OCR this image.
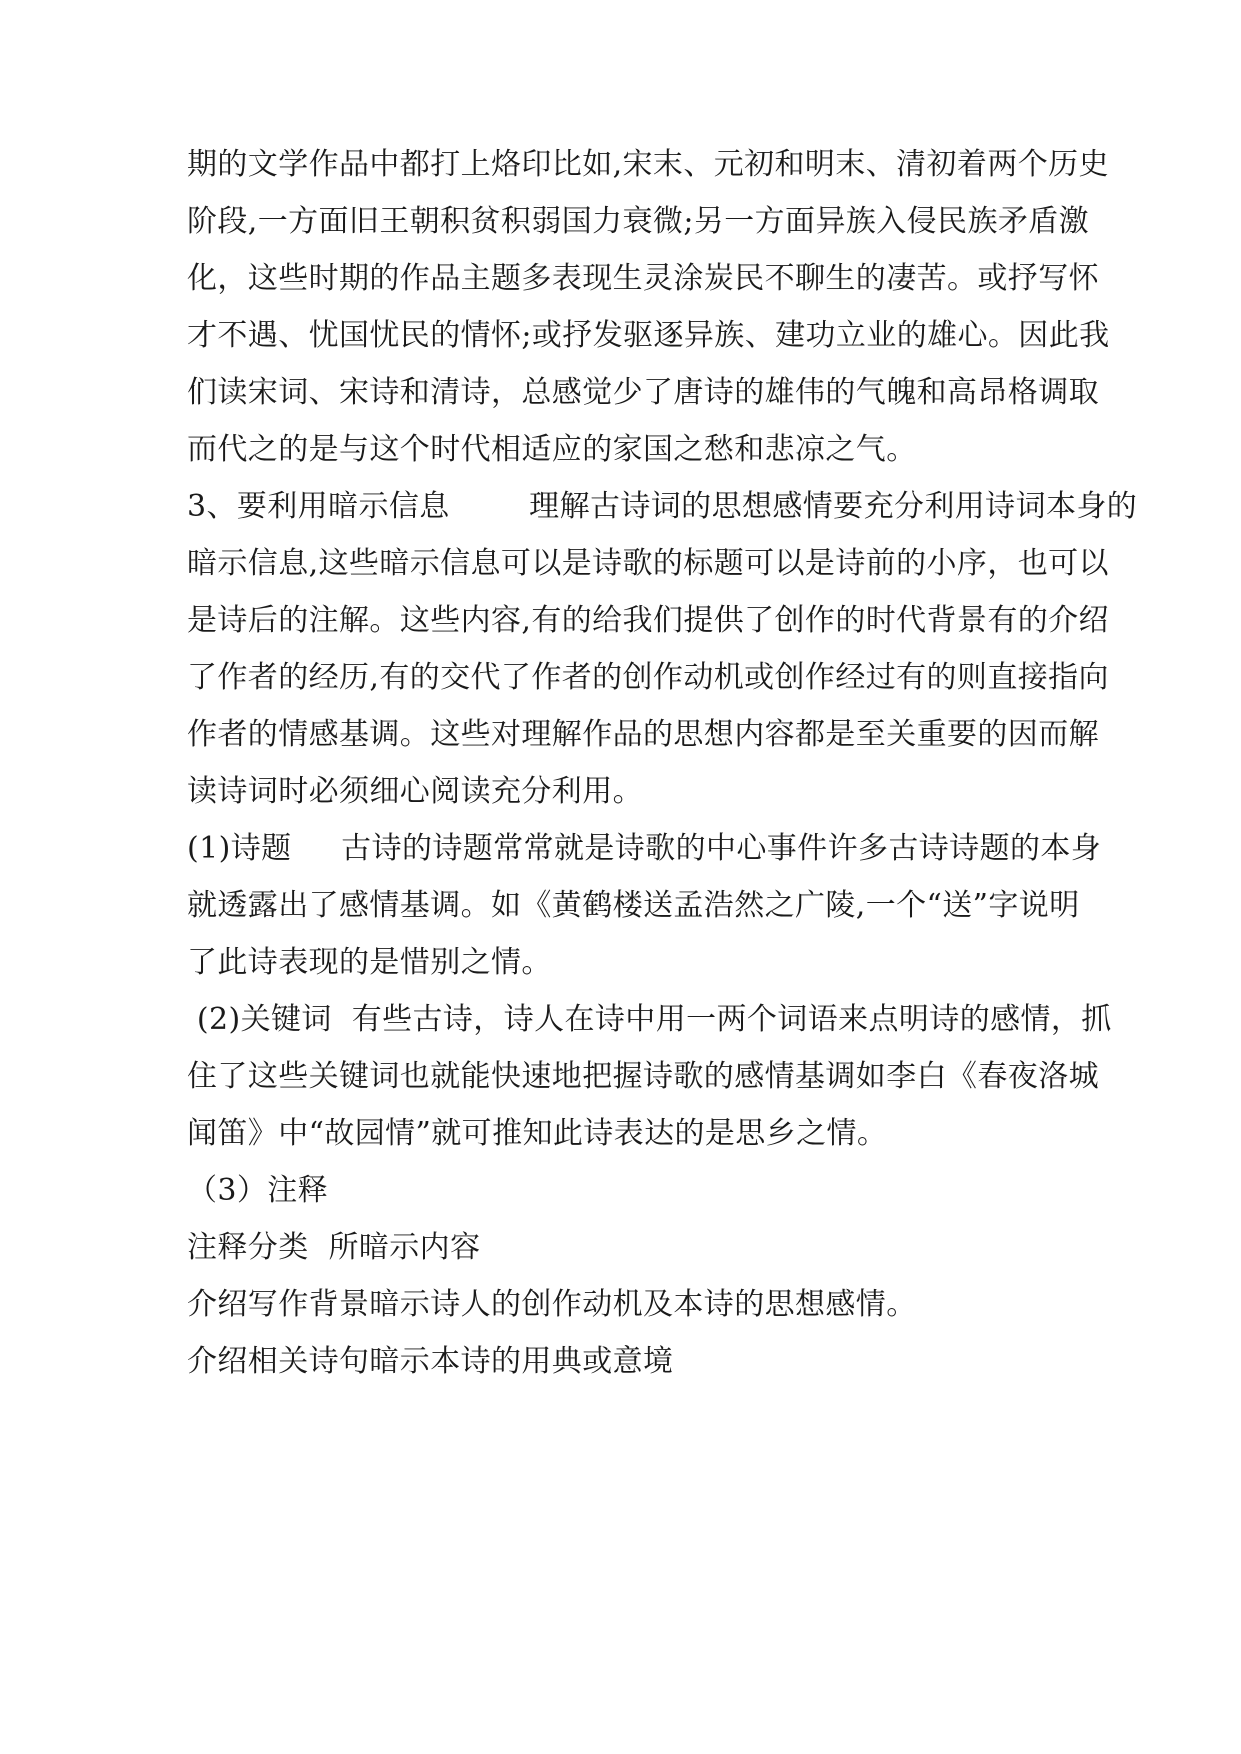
期的文学作品中都打上烙印比如,宋末、元初和明末、清初着两个历史
阶段,一方面旧王朝积贫积弱国力衰微;另一方面异族入侵民族矛盾激
化，这些时期的作品主题多表现生灵涂炭民不聊生的凄苦。或抒写怀
才不遇、忧国忧民的情怀;或抒发驱逐异族、建功立业的雄心。因此我
们读宋词、宋诗和清诗，总感觉少了唐诗的雄伟的气魄和高昂格调取
而代之的是与这个时代相适应的家国之愁和悲凉之气。
3、要利用暗示信息        理解古诗词的思想感情要充分利用诗词本身的
暗示信息,这些暗示信息可以是诗歌的标题可以是诗前的小序，也可以
是诗后的注解。这些内容,有的给我们提供了创作的时代背景有的介绍
了作者的经历,有的交代了作者的创作动机或创作经过有的则直接指向
作者的情感基调。这些对理解作品的思想内容都是至关重要的因而解
读诗词时必须细心阅读充分利用。
(1)诗题     古诗的诗题常常就是诗歌的中心事件许多古诗诗题的本身
就透露出了感情基调。如《黄鹤楼送孟浩然之广陵,一个“送”字说明
了此诗表现的是惜别之情。
(2)关键词  有些古诗，诗人在诗中用一两个词语来点明诗的感情，抓
住了这些关键词也就能快速地把握诗歌的感情基调如李白《春夜洛城
闻笛》中“故园情”就可推知此诗表达的是思乡之情。
（3）注释
注释分类  所暗示内容
介绍写作背景暗示诗人的创作动机及本诗的思想感情。
介绍相关诗句暗示本诗的用典或意境
